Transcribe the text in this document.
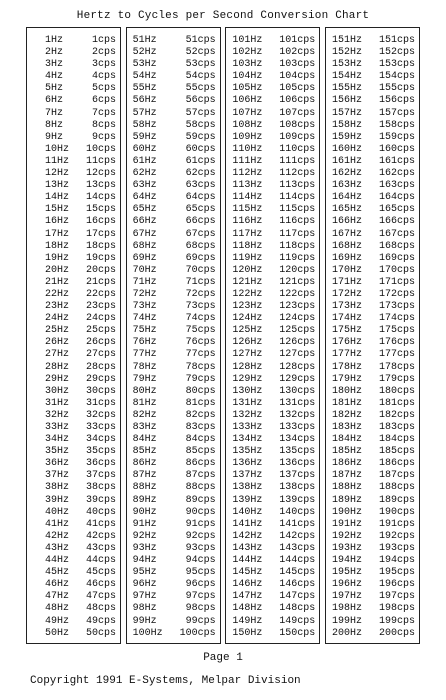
Hertz to Cycles per Second Conversion Chart
1Hz	1cps
2Hz	2cps
3Hz	3cps
4Hz	4cps
5Hz	5cps
6Hz	6cps
7Hz	7cps
8Hz	8cps
9Hz	9cps
10Hz 10cps
11Hz 11cps
12Hz 12cps
13Hz 13cps
14Hz 14cps
15Hz 15cps
16Hz 16cps
17Hz 17cps
18Hz 18cps
19Hz 19cps
20Hz 20cps
21Hz 21cps
22Hz 22cps
23Hz 23cps
24Hz 24cps
25Hz 25cps
26Hz 26cps
27Hz 27cps
28Hz 28cps
29Hz 29cps
30Hz 30cps
31Hz 31cps
32Hz 32cps
33Hz 33cps
34Hz 34cps
35Hz 35cps
36Hz 36cps
37Hz 37cps
38Hz 38cps
39Hz 39cps
40Hz 40cps
41Hz 41cps
42Hz 42cps
43Hz 43cps
44Hz 44cps
45Hz 45cps
46Hz 46cps
47Hz 47cps
48Hz 48cps
49Hz 49cps
50Hz 50cps
51Hz	51cps
52Hz	52cps
53Hz	53cps
54Hz	54cps
55Hz	55cps
56Hz	56cps
57Hz	57cps
58Hz	58cps
59Hz	59cps
60Hz	60cps
61Hz	61cps
62Hz	62cps
63Hz	63cps
64Hz	64cps
65Hz	65cps
66Hz	66cps
67Hz	67cps
68Hz	68cps
69Hz	69cps
70Hz	70cps
71Hz	71cps
72Hz	72cps
73Hz	73cps
74Hz	74cps
75Hz	75cps
76Hz	76cps
77Hz	77cps
78Hz	78cps
79Hz	79cps
80Hz	80cps
81Hz	81cps
82Hz	82cps
83Hz	83cps
84Hz	84cps
85Hz	85cps
86Hz	86cps
87Hz	87cps
88Hz	88cps
89Hz	89cps
90Hz	90cps
91Hz	91cps
92Hz	92cps
93Hz	93cps
94Hz	94cps
95Hz	95cps
96Hz	96cps
97Hz	97cps
98Hz	98cps
99Hz	99cps
100Hz 100cps
101Hz 101cps
102Hz 102cps
103Hz 103cps
104Hz 104cps
105Hz 105cps
106Hz 106cps
107Hz 107cps
108Hz 108cps
109Hz 109cps
110Hz 110cps
111Hz 111cps
112Hz 112cps
113Hz 113cps
114Hz 114cps
115Hz 115cps
116Hz 116cps
117Hz 117cps
118Hz 118cps
119Hz 119cps
120Hz 120cps
121Hz 121cps
122Hz 122cps
123Hz 123cps
124Hz 124cps
125Hz 125cps
126Hz 126cps
127Hz 127cps
128Hz 128cps
129Hz 129cps
130Hz 130cps
131Hz 131cps
132Hz 132cps
133Hz 133cps
134Hz 134cps
135Hz 135cps
136Hz 136cps
137Hz 137cps
138Hz 138cps
139Hz 139cps
140Hz 140cps
141Hz 141cps
142Hz 142cps
143Hz 143cps
144Hz 144cps
145Hz 145cps
146Hz 146cps
147Hz 147cps
148Hz 148cps
149Hz 149cps
150Hz 150cps
151Hz 151cps
152Hz 152cps
153Hz 153cps
154Hz 154cps
155Hz 155cps
156Hz 156cps
157Hz 157cps
158Hz 158cps
159Hz 159cps
160Hz 160cps
161Hz 161cps
162Hz 162cps
163Hz 163cps
164Hz 164cps
165Hz 165cps
166Hz 166cps
167Hz 167cps
168Hz 168cps
169Hz 169cps
170Hz 170cps
171Hz 171cps
172Hz 172cps
173Hz 173cps
174Hz 174cps
175Hz 175cps
176Hz 176cps
177Hz 177cps
178Hz 178cps
179Hz 179cps
180Hz 180cps
181Hz 181cps
182Hz 182cps
183Hz 183cps
184Hz 184cps
185Hz 185cps
186Hz 186cps
187Hz 187cps
188Hz 188cps
189Hz 189cps
190Hz 190cps
191Hz 191cps
192Hz 192cps
193Hz 193cps
194Hz 194cps
195Hz 195cps
196Hz 196cps
197Hz 197cps
198Hz 198cps
199Hz 199cps
200Hz 200cps
Page 1
Copyright 1991 E-Systems, Melpar Division
